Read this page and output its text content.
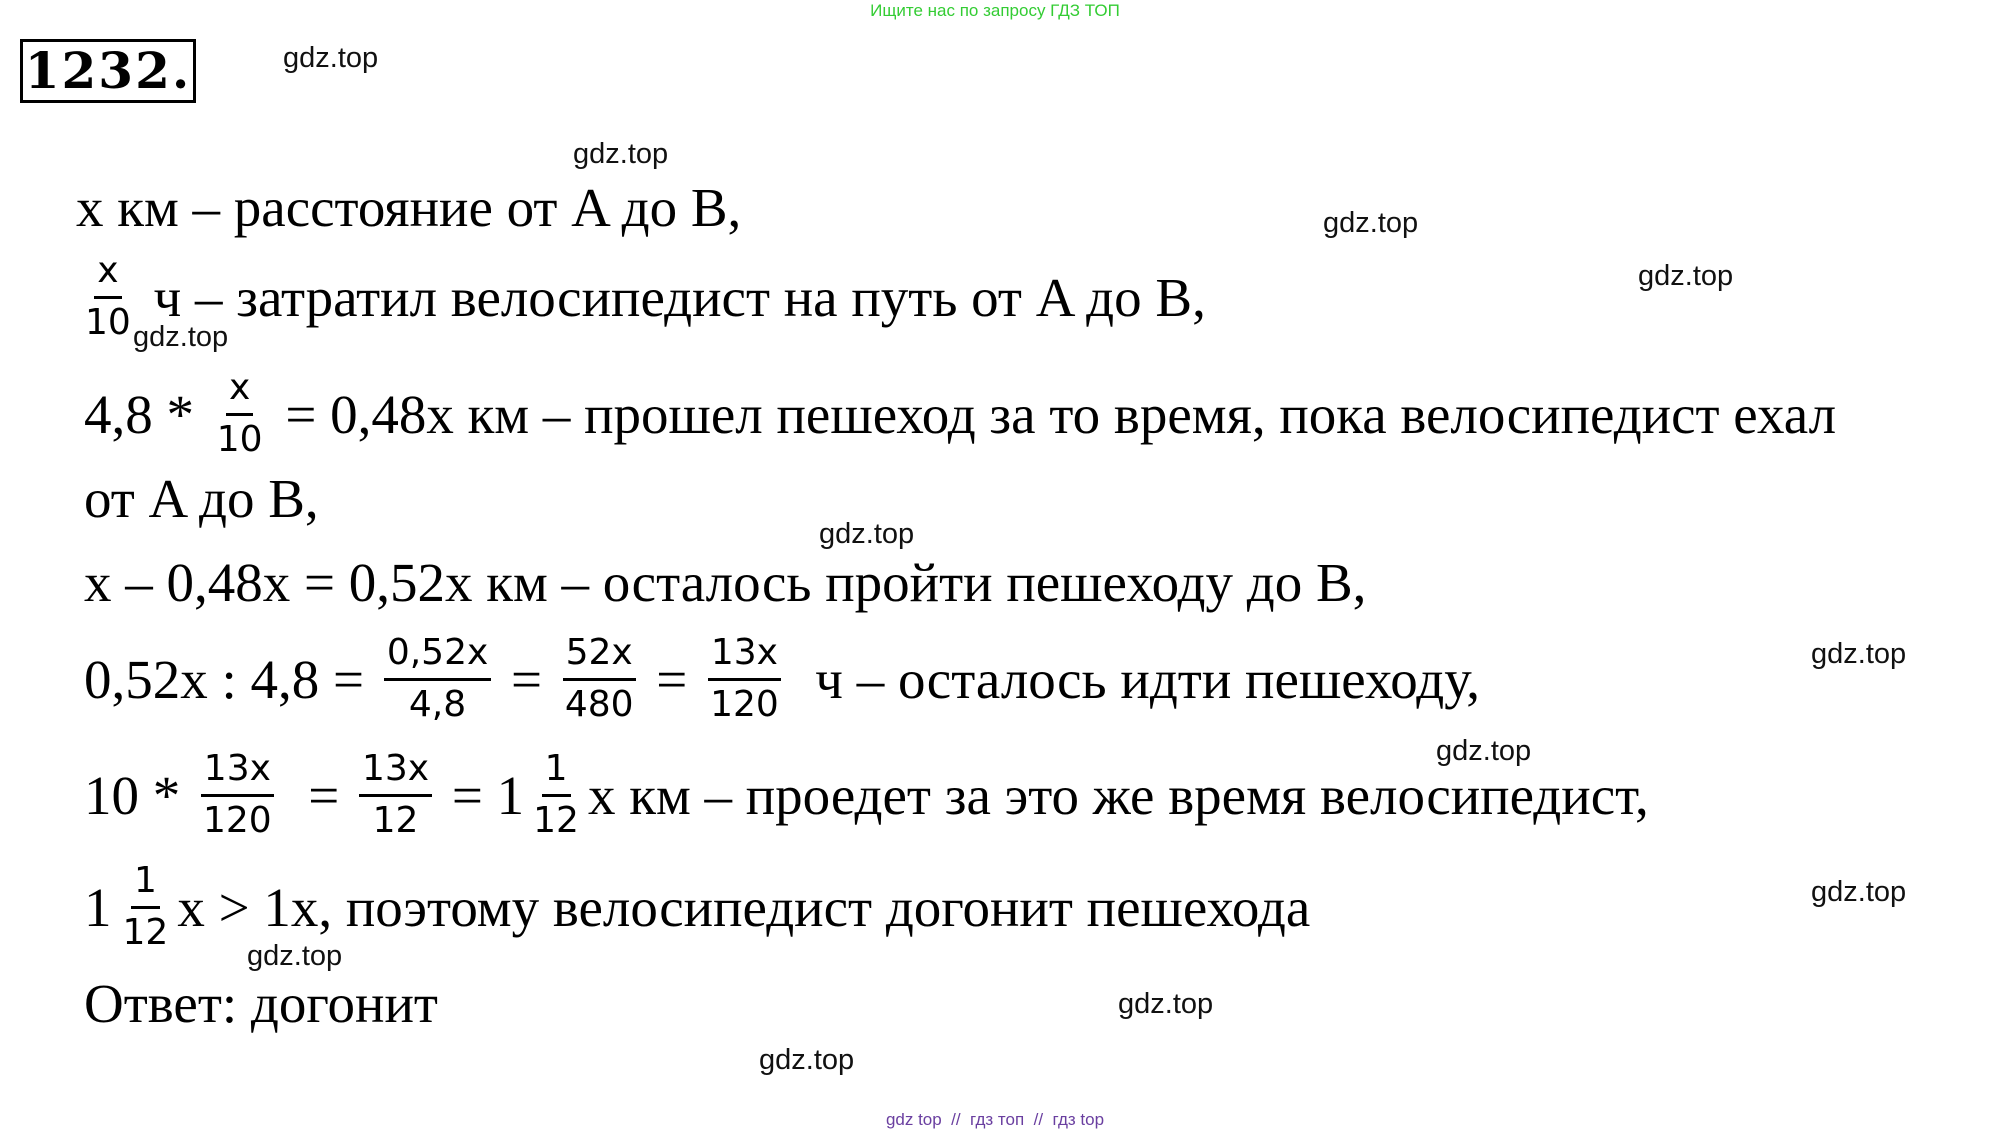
Ищите нас по запросу ГДЗ ТОП
1232.	gdz.top
gdz.top
gdz.top
gdz.top
gdz.top
gdz.top
gdz.top
gdz.top
gdz.top
gdz.top
gdz.top
gdz.top
x км – расстояние от A до B,
$\frac{x}{10}$ ч – затратил велосипедист на путь от A до B,
$4,8 * \frac{x}{10} = 0,48x$ км – прошел пешеход за то время, пока велосипедист ехал
от A до B,
x – 0,48x = 0,52x км – осталось пройти пешеходу до B,
0,52x : $4,8 = \frac{0,52x}{4,8} = \frac{52x}{480} = \frac{13x}{120}$ ч – осталось идти пешеходу,
$10 * \frac{13x}{120} = \frac{13x}{12} = 1 \frac{1}{12}$ x км – проедет за это же время велосипедист,
$1 \frac{1}{12}$ x > 1x, поэтому велосипедист догонит пешехода
Ответ: догонит
gdz top  //  гдз топ  //  гдз top
